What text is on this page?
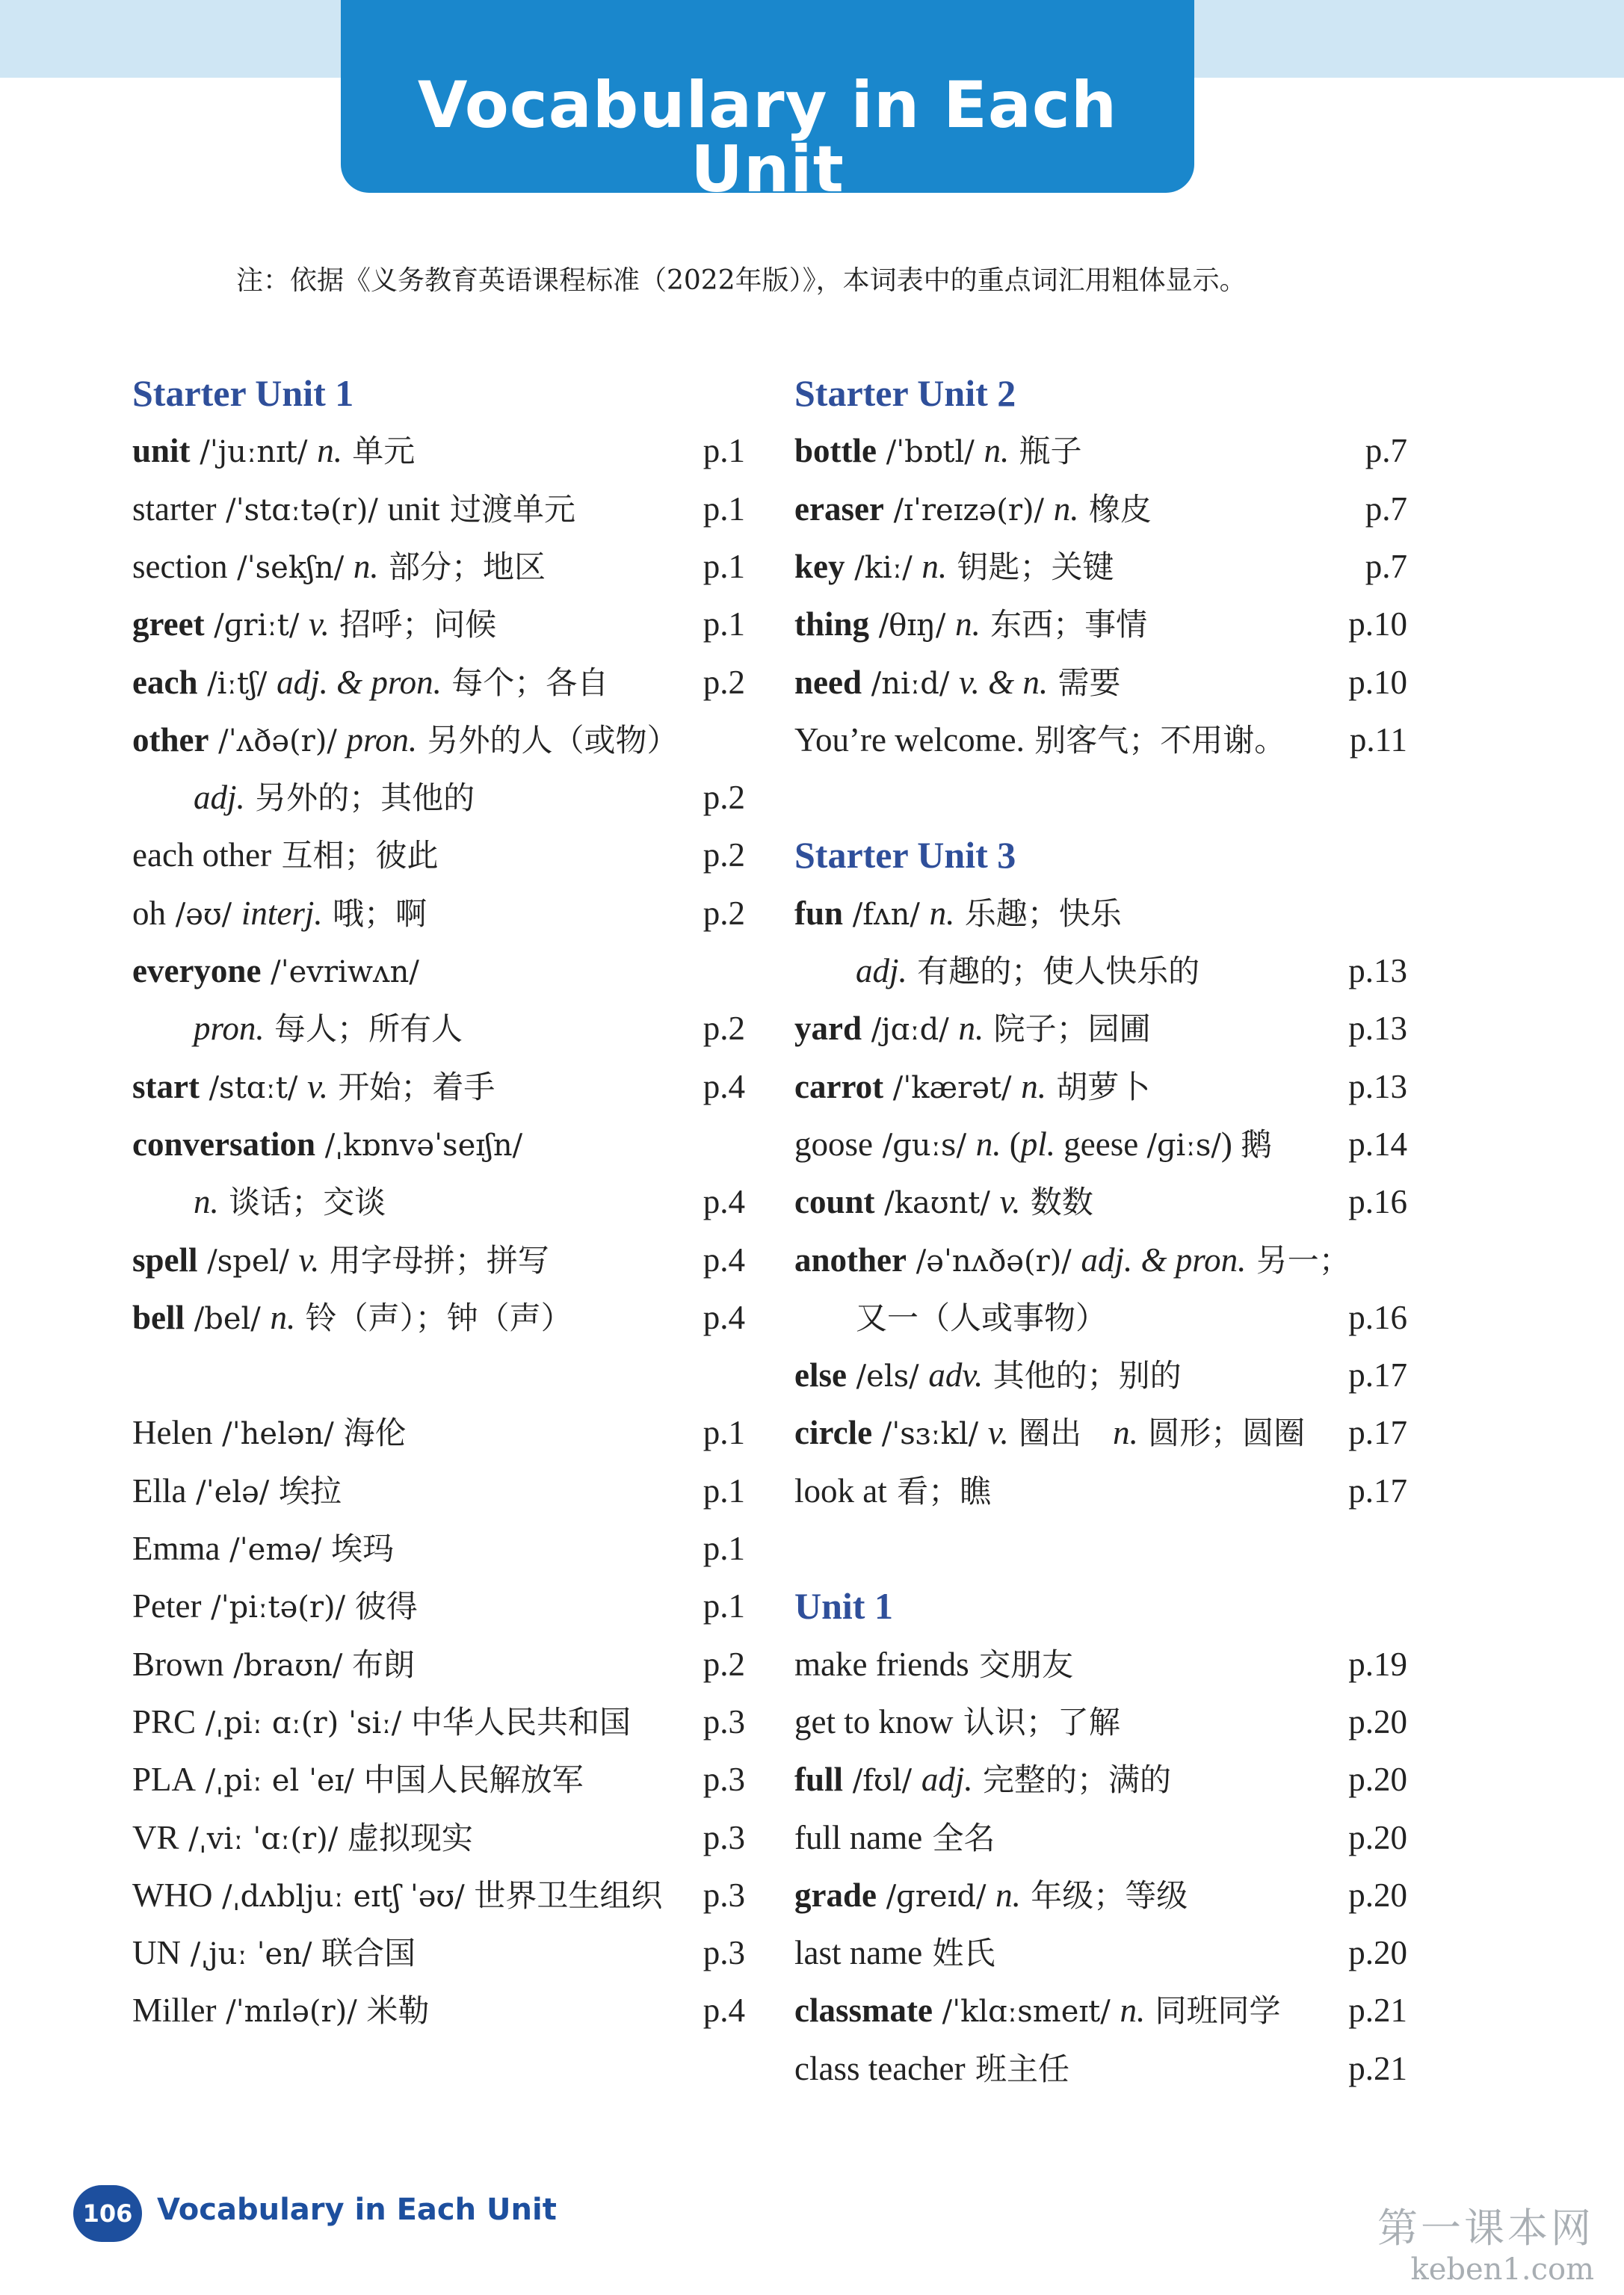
Vocabulary in Each Unit
注：依据《义务教育英语课程标准（2022年版）》，本词表中的重点词汇用粗体显示。
Starter Unit 1
unit /ˈjuːnɪt/ n. 单元	p.1
starter /ˈstɑːtə(r)/ unit 过渡单元	p.1
section /ˈsekʃn/ n. 部分；地区	p.1
greet /ɡriːt/ v. 招呼；问候	p.1
each /iːtʃ/ adj. & pron. 每个；各自	p.2
other /ˈʌðə(r)/ pron. 另外的人（或物）
adj. 另外的；其他的	p.2
each other 互相；彼此	p.2
oh /əʊ/ interj. 哦；啊	p.2
everyone /ˈevriwʌn/
pron. 每人；所有人	p.2
start /stɑːt/ v. 开始；着手	p.4
conversation /ˌkɒnvəˈseɪʃn/
n. 谈话；交谈	p.4
spell /spel/ v. 用字母拼；拼写	p.4
bell /bel/ n. 铃（声）；钟（声）	p.4
Helen /ˈhelən/ 海伦	p.1
Ella /ˈelə/ 埃拉	p.1
Emma /ˈemə/ 埃玛	p.1
Peter /ˈpiːtə(r)/ 彼得	p.1
Brown /braʊn/ 布朗	p.2
PRC /ˌpiː ɑː(r) ˈsiː/ 中华人民共和国 p.3
PLA /ˌpiː el ˈeɪ/ 中国人民解放军	p.3
VR /ˌviː ˈɑː(r)/ 虚拟现实	p.3
WHO /ˌdʌbljuː eɪtʃ ˈəʊ/ 世界卫生组织 p.3
UN /ˌjuː ˈen/ 联合国	p.3
Miller /ˈmɪlə(r)/ 米勒	p.4
Starter Unit 2
bottle /ˈbɒtl/ n. 瓶子	p.7
eraser /ɪˈreɪzə(r)/ n. 橡皮	p.7
key /kiː/ n. 钥匙；关键	p.7
thing /θɪŋ/ n. 东西；事情	p.10
need /niːd/ v. & n. 需要	p.10
You’re welcome. 别客气；不用谢。 p.11
Starter Unit 3
fun /fʌn/ n. 乐趣；快乐
adj. 有趣的；使人快乐的	p.13
yard /jɑːd/ n. 院子；园圃	p.13
carrot /ˈkærət/ n. 胡萝卜	p.13
goose /ɡuːs/ n. (pl. geese /ɡiːs/) 鹅 p.14
count /kaʊnt/ v. 数数	p.16
another /əˈnʌðə(r)/ adj. & pron. 另一；
又一（人或事物）	p.16
else /els/ adv. 其他的；别的	p.17
circle /ˈsɜːkl/ v. 圈出　n. 圆形；圆圈 p.17
look at 看；瞧	p.17
Unit 1
make friends 交朋友	p.19
get to know 认识；了解	p.20
full /fʊl/ adj. 完整的；满的	p.20
full name 全名	p.20
grade /ɡreɪd/ n. 年级；等级	p.20
last name 姓氏	p.20
classmate /ˈklɑːsmeɪt/ n. 同班同学 p.21
class teacher 班主任	p.21
106 Vocabulary in Each Unit	第一课本网
keben1.com
